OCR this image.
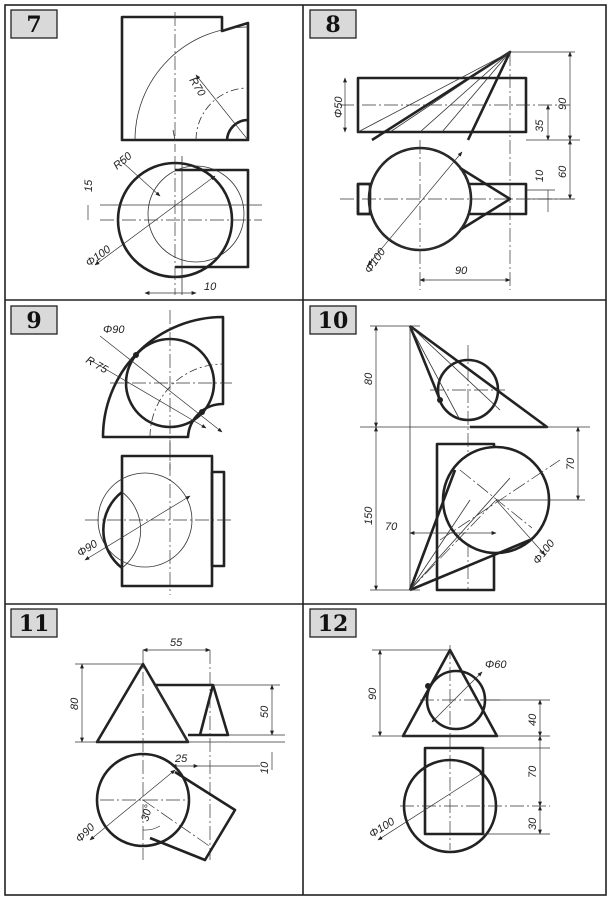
7
R70
R50
15
Φ100
10
8
Φ50	90
35
60
10
Φ100	90
9	Φ90
R 75
Φ90
10
80
70
150
70
Φ100
11
55
80
50
10
25
30°
Φ90
12
90
40
Φ60
70
30
Φ100
